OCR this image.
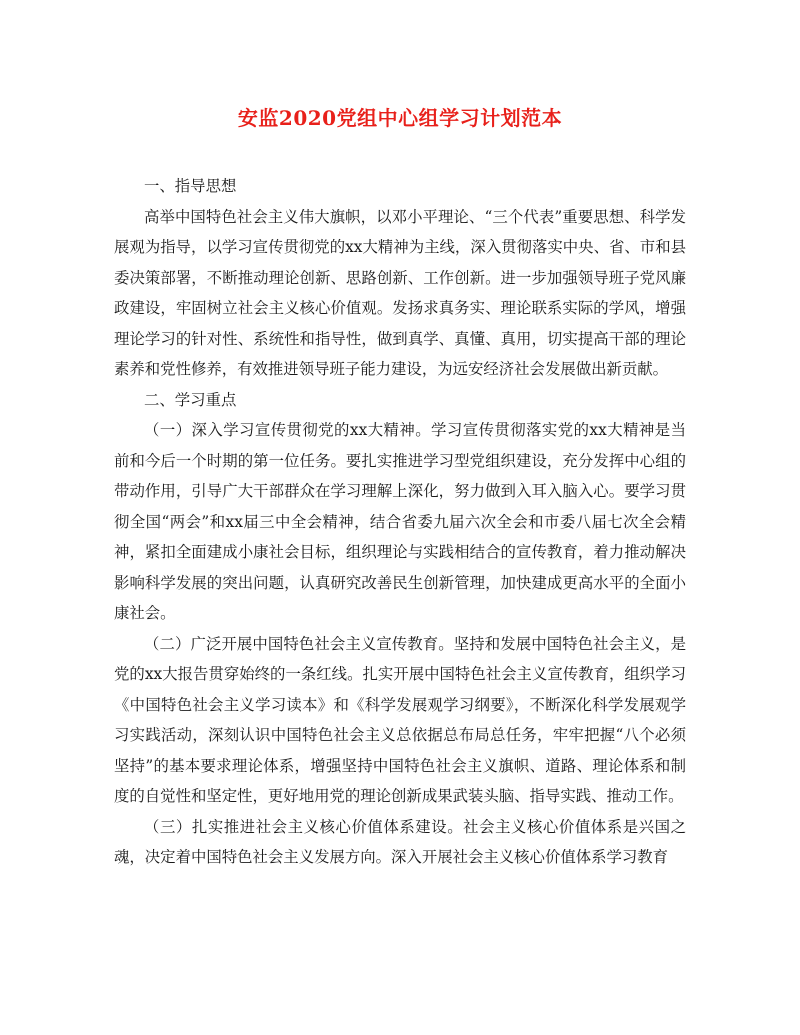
安监2020党组中心组学习计划范本

一、指导思想

高举中国特色社会主义伟大旗帜，以邓小平理论、“三个代表”重要思想、科学发展观为指导，以学习宣传贯彻党的xx大精神为主线，深入贯彻落实中央、省、市和县委决策部署，不断推动理论创新、思路创新、工作创新。进一步加强领导班子党风廉政建设，牢固树立社会主义核心价值观。发扬求真务实、理论联系实际的学风，增强理论学习的针对性、系统性和指导性，做到真学、真懂、真用，切实提高干部的理论素养和党性修养，有效推进领导班子能力建设，为远安经济社会发展做出新贡献。

二、学习重点

（一）深入学习宣传贯彻党的xx大精神。学习宣传贯彻落实党的xx大精神是当前和今后一个时期的第一位任务。要扎实推进学习型党组织建设，充分发挥中心组的带动作用，引导广大干部群众在学习理解上深化，努力做到入耳入脑入心。要学习贯彻全国“两会”和xx届三中全会精神，结合省委九届六次全会和市委八届七次全会精神，紧扣全面建成小康社会目标，组织理论与实践相结合的宣传教育，着力推动解决影响科学发展的突出问题，认真研究改善民生创新管理，加快建成更高水平的全面小康社会。

（二）广泛开展中国特色社会主义宣传教育。坚持和发展中国特色社会主义，是党的xx大报告贯穿始终的一条红线。扎实开展中国特色社会主义宣传教育，组织学习《中国特色社会主义学习读本》和《科学发展观学习纲要》，不断深化科学发展观学习实践活动，深刻认识中国特色社会主义总依据总布局总任务，牢牢把握“八个必须坚持”的基本要求理论体系，增强坚持中国特色社会主义旗帜、道路、理论体系和制度的自觉性和坚定性，更好地用党的理论创新成果武装头脑、指导实践、推动工作。

（三）扎实推进社会主义核心价值体系建设。社会主义核心价值体系是兴国之魂，决定着中国特色社会主义发展方向。深入开展社会主义核心价值体系学习教育
